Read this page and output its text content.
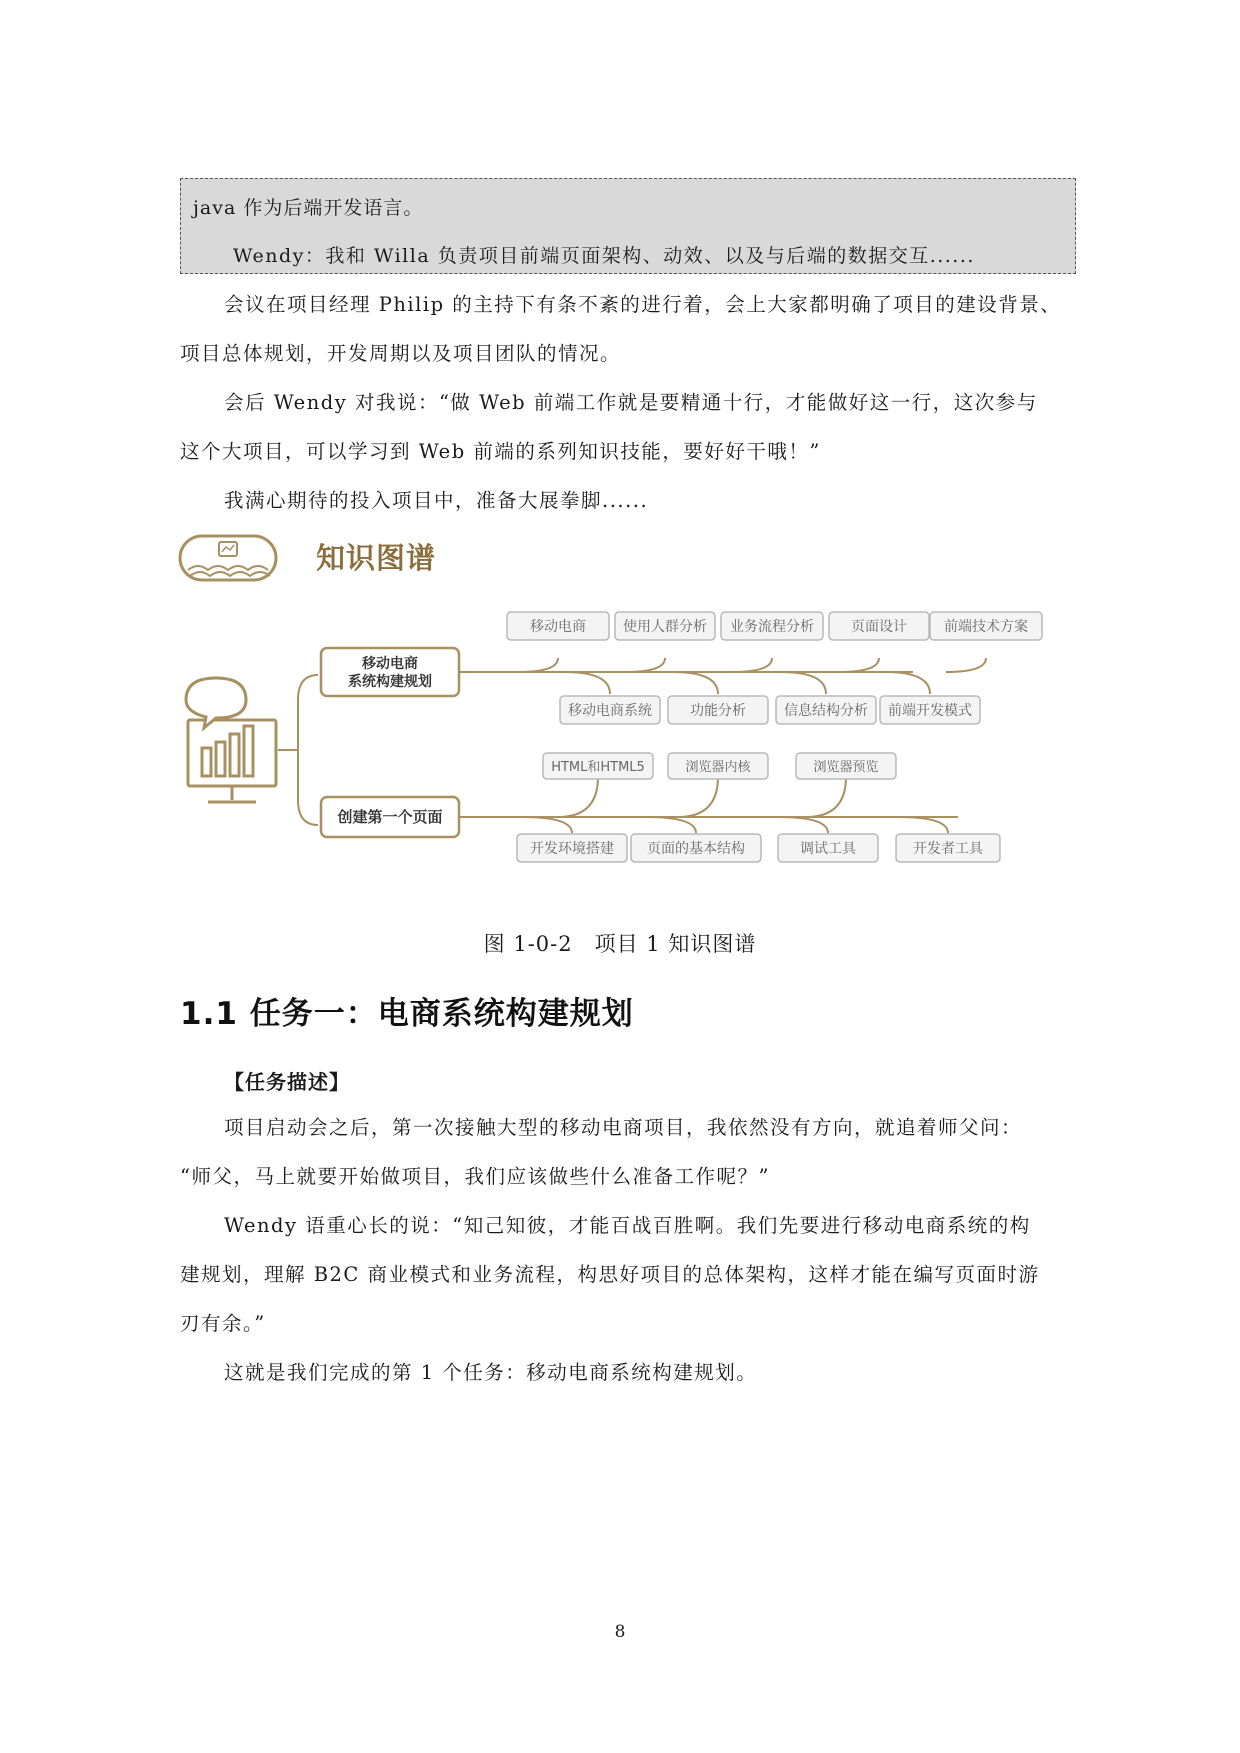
java 作为后端开发语言。
Wendy：我和 Willa 负责项目前端页面架构、动效、以及与后端的数据交互......
会议在项目经理 Philip 的主持下有条不紊的进行着，会上大家都明确了项目的建设背景、
项目总体规划，开发周期以及项目团队的情况。
会后 Wendy 对我说：“做 Web 前端工作就是要精通十行，才能做好这一行，这次参与
这个大项目，可以学习到 Web 前端的系列知识技能，要好好干哦！”
我满心期待的投入项目中，准备大展拳脚......
知识图谱
移动电商	使用人群分析 业务流程分析	页面设计	前端技术方案
移动电商系统	功能分析	信息结构分析 前端开发模式
移动电商
系统构建规划
HTML和HTML5	浏览器内核	浏览器预览
开发环境搭建 页面的基本结构	调试工具	开发者工具
创建第一个页面
图 1-0-2　项目 1 知识图谱
1.1 任务一：电商系统构建规划
【任务描述】
项目启动会之后，第一次接触大型的移动电商项目，我依然没有方向，就追着师父问：
“师父，马上就要开始做项目，我们应该做些什么准备工作呢？”
Wendy 语重心长的说：“知己知彼，才能百战百胜啊。我们先要进行移动电商系统的构
建规划，理解 B2C 商业模式和业务流程，构思好项目的总体架构，这样才能在编写页面时游
刃有余。”
这就是我们完成的第 1 个任务：移动电商系统构建规划。
8
